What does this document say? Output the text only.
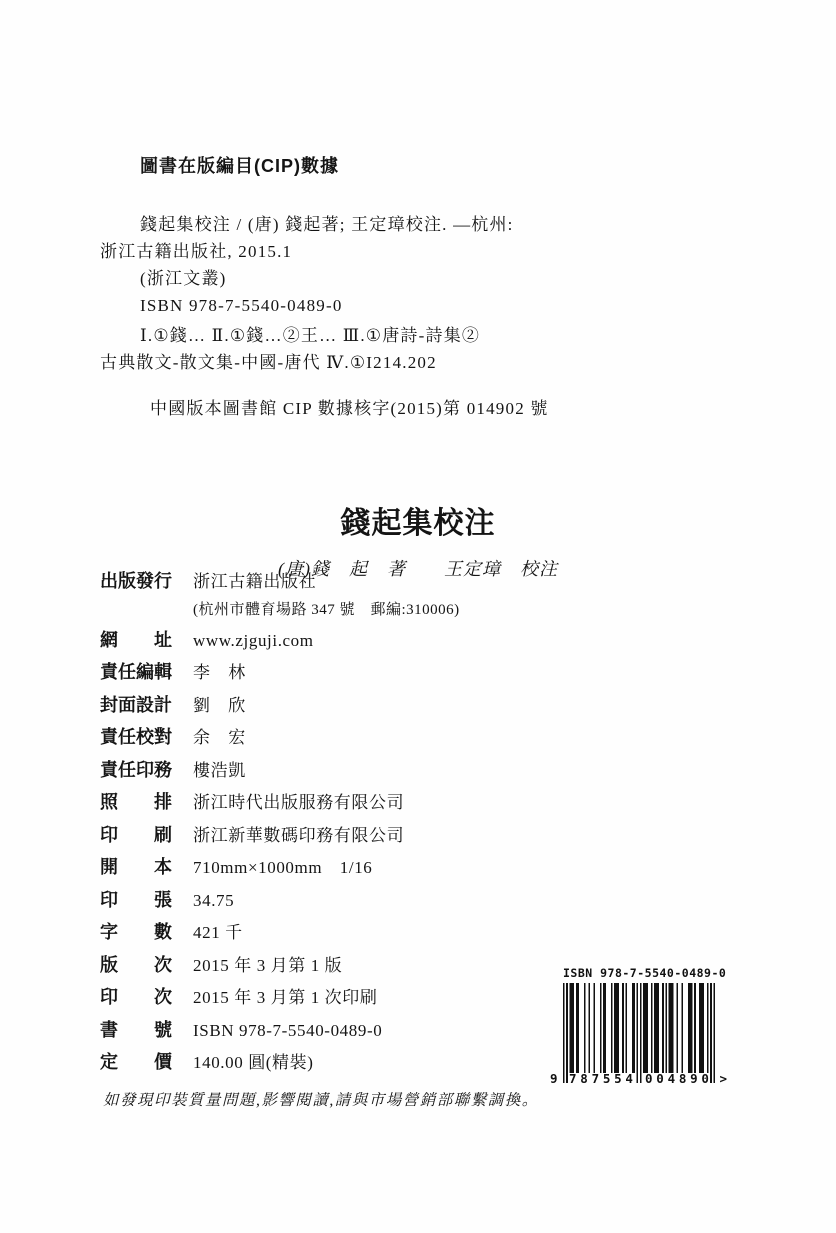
圖書在版編目(CIP)數據

錢起集校注 / (唐) 錢起著; 王定璋校注. —杭州:

浙江古籍出版社, 2015.1

(浙江文叢)

ISBN 978-7-5540-0489-0

Ⅰ.①錢… Ⅱ.①錢…②王… Ⅲ.①唐詩-詩集②

古典散文-散文集-中國-唐代 Ⅳ.①I214.202

中國版本圖書館 CIP 數據核字(2015)第 014902 號

錢起集校注

(唐)錢　起　著　　王定璋　校注

出版發行 浙江古籍出版社
(杭州市體育場路 347 號　郵編:310006)
網　　址 www.zjguji.com
責任編輯 李　林
封面設計 劉　欣
責任校對 余　宏
責任印務 樓浩凱
照　　排 浙江時代出版服務有限公司
印　　刷 浙江新華數碼印務有限公司
開　　本 710mm×1000mm　1/16
印　　張 34.75
字　　數 421 千
版　　次 2015 年 3 月第 1 版
印　　次 2015 年 3 月第 1 次印刷
書　　號 ISBN 978-7-5540-0489-0
定　　價 140.00 圓(精裝)

如發現印裝質量問題,影響閱讀,請與市場營銷部聯繫調換。

ISBN 978-7-5540-0489-0
9 7 8 7 5 5 4 0 0 4 8 9 0 >
